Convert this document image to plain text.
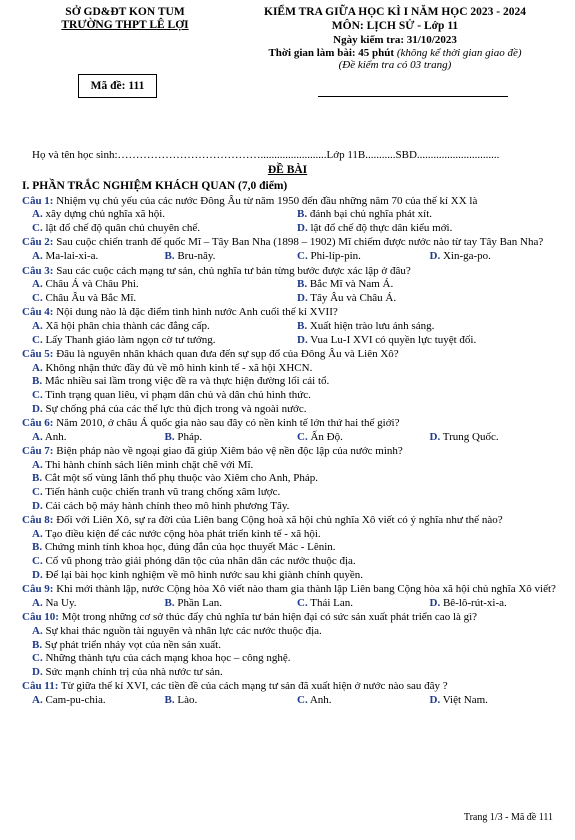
SỞ GD&ĐT KON TUM
TRƯỜNG THPT LÊ LỢI
Mã đề: 111
KIỂM TRA GIỮA HỌC KÌ I NĂM HỌC 2023 - 2024
MÔN: LỊCH SỬ - Lớp 11
Ngày kiểm tra: 31/10/2023
Thời gian làm bài: 45 phút (không kể thời gian giao đề)
(Đề kiểm tra có 03 trang)
Họ và tên học sinh:…………………………………........................Lớp 11B...........SBD..............................
ĐỀ BÀI
I. PHẦN TRẮC NGHIỆM KHÁCH QUAN (7,0 điểm)
Câu 1: Nhiệm vụ chủ yếu của các nước Đông Âu từ năm 1950 đến đầu những năm 70 của thế kỉ XX là
A. xây dựng chủ nghĩa xã hội.	B. đánh bại chủ nghĩa phát xít.
C. lật đổ chế độ quân chủ chuyên chế.	D. lật đổ chế độ thực dân kiểu mới.
Câu 2: Sau cuộc chiến tranh đế quốc Mĩ – Tây Ban Nha (1898 – 1902) Mĩ chiếm được nước nào từ tay Tây Ban Nha?
A. Ma-lai-xi-a.	B. Bru-nây.	C. Phi-líp-pin.	D. Xin-ga-po.
Câu 3: Sau các cuộc cách mạng tư sản, chủ nghĩa tư bản từng bước được xác lập ở đâu?
A. Châu Á và Châu Phi.	B. Bắc Mĩ và Nam Á.
C. Châu Âu và Bắc Mĩ.	D. Tây Âu và Châu Á.
Câu 4: Nội dung nào là đặc điểm tình hình nước Anh cuối thế kỉ XVII?
A. Xã hội phân chia thành các đẳng cấp.	B. Xuất hiện trào lưu ánh sáng.
C. Lấy Thanh giáo làm ngọn cờ tư tưởng.	D. Vua Lu-I XVI có quyền lực tuyệt đối.
Câu 5: Đâu là nguyên nhân khách quan đưa đến sự sụp đổ của Đông Âu và Liên Xô?
A. Không nhận thức đầy đủ về mô hình kinh tế - xã hội XHCN.
B. Mắc nhiều sai lầm trong việc đề ra và thực hiện đường lối cải tổ.
C. Tình trạng quan liêu, vi phạm dân chủ và dân chủ hình thức.
D. Sự chống phá của các thế lực thù địch trong và ngoài nước.
Câu 6: Năm 2010, ở châu Á quốc gia nào sau đây có nền kinh tế lớn thứ hai thế giới?
A. Anh.	B. Pháp.	C. Ấn Độ.	D. Trung Quốc.
Câu 7: Biện pháp nào về ngoại giao đã giúp Xiêm bảo vệ nền độc lập của nước mình?
A. Thi hành chính sách liên minh chặt chẽ với Mĩ.
B. Cắt một số vùng lãnh thổ phụ thuộc vào Xiêm cho Anh, Pháp.
C. Tiến hành cuộc chiến tranh vũ trang chống xâm lược.
D. Cải cách bộ máy hành chính theo mô hình phương Tây.
Câu 8: Đối với Liên Xô, sự ra đời của Liên bang Cộng hoà xã hội chủ nghĩa Xô viết có ý nghĩa như thế nào?
A. Tạo điều kiện để các nước cộng hòa phát triển kinh tế - xã hội.
B. Chứng minh tính khoa học, đúng đắn của học thuyết Mác - Lênin.
C. Cổ vũ phong trào giải phóng dân tộc của nhân dân các nước thuộc địa.
D. Để lại bài học kinh nghiệm về mô hình nước sau khi giành chính quyền.
Câu 9: Khi mới thành lập, nước Cộng hòa Xô viết nào tham gia thành lập Liên bang Cộng hòa xã hội chủ nghĩa Xô viết?
A. Na Uy.	B. Phần Lan.	C. Thái Lan.	D. Bê-lô-rút-xi-a.
Câu 10: Một trong những cơ sở thúc đẩy chủ nghĩa tư bản hiện đại có sức sản xuất phát triển cao là gì?
A. Sự khai thác nguồn tài nguyên và nhân lực các nước thuộc địa.
B. Sự phát triển nhảy vọt của nền sản xuất.
C. Những thành tựu của cách mạng khoa học – công nghệ.
D. Sức mạnh chính trị của nhà nước tư sản.
Câu 11: Từ giữa thế kỉ XVI, các tiền đề của cách mạng tư sản đã xuất hiện ở nước nào sau đây ?
A. Cam-pu-chia.	B. Lào.	C. Anh.	D. Việt Nam.
Trang 1/3 - Mã đề 111
